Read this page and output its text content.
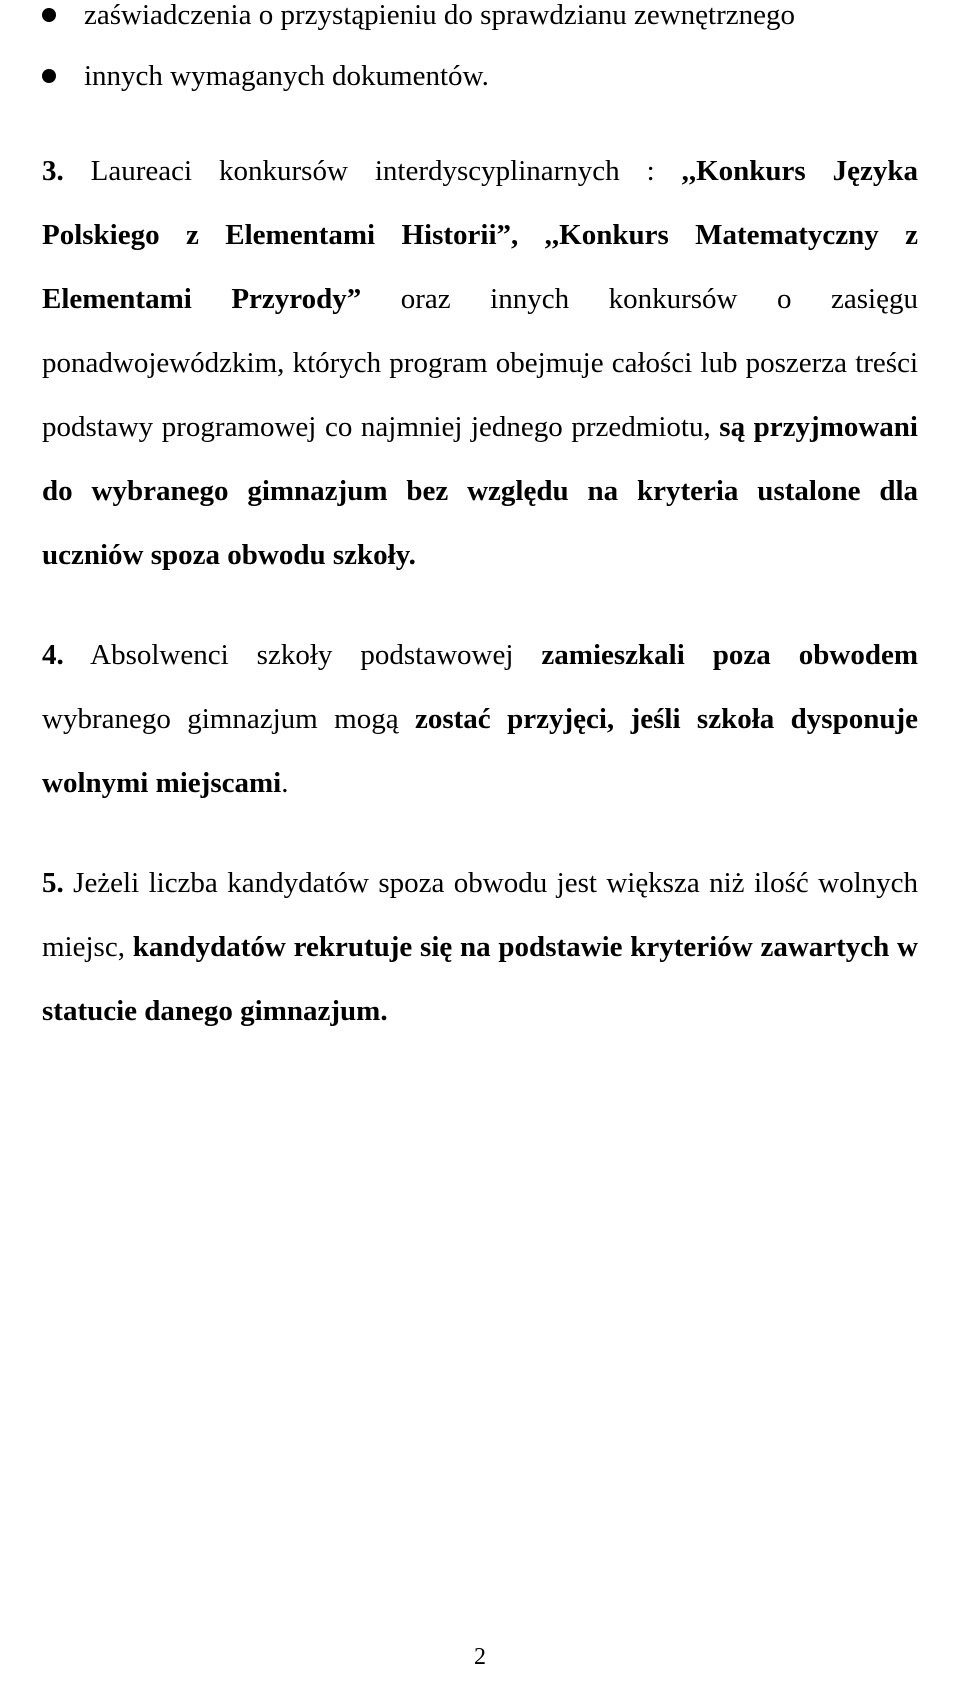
zaświadczenia o przystąpieniu do sprawdzianu zewnętrznego
innych wymaganych dokumentów.

3. Laureaci konkursów interdyscyplinarnych : ,,Konkurs Języka Polskiego z Elementami Historii”, ,,Konkurs Matematyczny z Elementami Przyrody” oraz innych konkursów o zasięgu ponadwojewódzkim, których program obejmuje całości lub poszerza treści podstawy programowej co najmniej jednego przedmiotu, są przyjmowani do wybranego gimnazjum bez względu na kryteria ustalone dla uczniów spoza obwodu szkoły.

4. Absolwenci szkoły podstawowej zamieszkali poza obwodem wybranego gimnazjum mogą zostać przyjęci, jeśli szkoła dysponuje wolnymi miejscami.

5. Jeżeli liczba kandydatów spoza obwodu jest większa niż ilość wolnych miejsc, kandydatów rekrutuje się na podstawie kryteriów zawartych w statucie danego gimnazjum.

2
